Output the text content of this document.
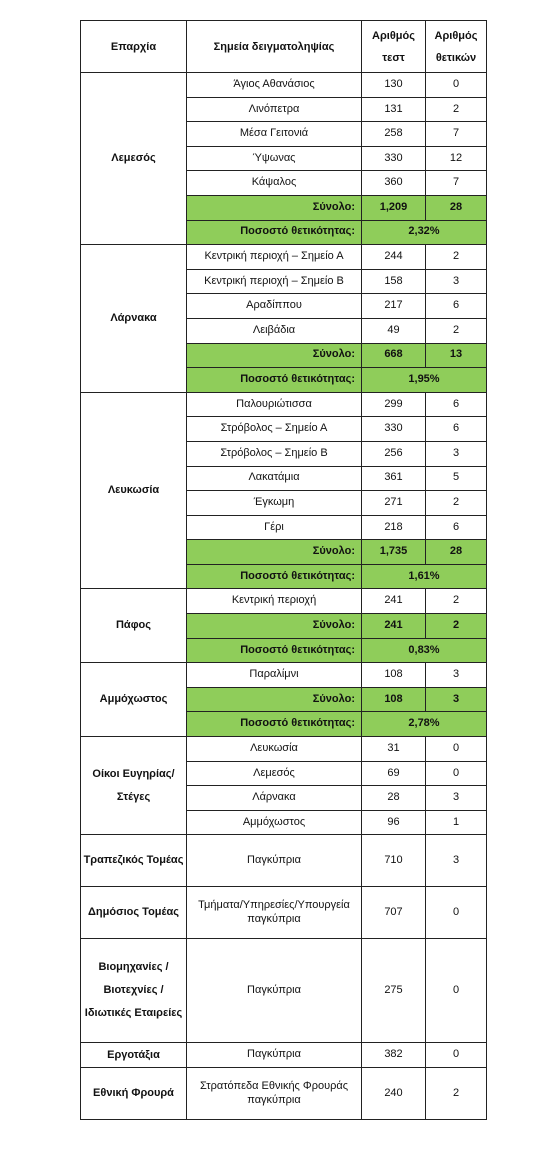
Επαρχία	Σημεία δειγματοληψίας	Αριθμός τεστ	Αριθμός θετικών
Λεμεσός	Άγιος Αθανάσιος	130	0
	Λινόπετρα	131	2
	Μέσα Γειτονιά	258	7
	Ύψωνας	330	12
	Κάψαλος	360	7
	Σύνολο:	1,209	28
	Ποσοστό θετικότητας:	2,32%	
Λάρνακα	Κεντρική περιοχή – Σημείο Α	244	2
	Κεντρική περιοχή – Σημείο Β	158	3
	Αραδίππου	217	6
	Λειβάδια	49	2
	Σύνολο:	668	13
	Ποσοστό θετικότητας:	1,95%	
Λευκωσία	Παλουριώτισσα	299	6
	Στρόβολος – Σημείο Α	330	6
	Στρόβολος – Σημείο Β	256	3
	Λακατάμια	361	5
	Έγκωμη	271	2
	Γέρι	218	6
	Σύνολο:	1,735	28
	Ποσοστό θετικότητας:	1,61%	
Πάφος	Κεντρική περιοχή	241	2
	Σύνολο:	241	2
	Ποσοστό θετικότητας:	0,83%	
Αμμόχωστος	Παραλίμνι	108	3
	Σύνολο:	108	3
	Ποσοστό θετικότητας:	2,78%	
Οίκοι Ευγηρίας/Στέγες	Λευκωσία	31	0
	Λεμεσός	69	0
	Λάρνακα	28	3
	Αμμόχωστος	96	1
Τραπεζικός Τομέας	Παγκύπρια	710	3
Δημόσιος Τομέας	Τμήματα/Υπηρεσίες/Υπουργεία παγκύπρια	707	0
Βιομηχανίες / Βιοτεχνίες / Ιδιωτικές Εταιρείες	Παγκύπρια	275	0
Εργοτάξια	Παγκύπρια	382	0
Εθνική Φρουρά	Στρατόπεδα Εθνικής Φρουράς παγκύπρια	240	2
